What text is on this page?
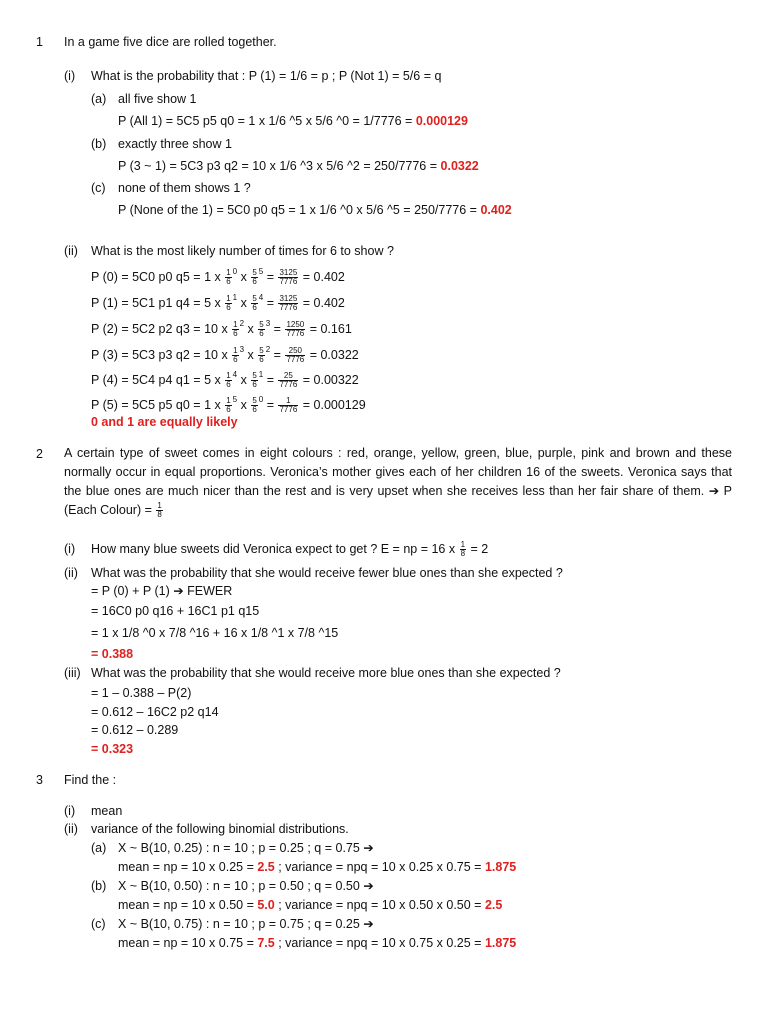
1 In a game five dice are rolled together.
(i) What is the probability that : P (1) = 1/6 = p ; P (Not 1) = 5/6 = q
(a) all five show 1
P (All 1) = 5C5 p5 q0 = 1 x 1/6 ^5 x 5/6 ^0 = 1/7776 = 0.000129
(b) exactly three show 1
P (3 ~ 1) = 5C3 p3 q2 = 10 x 1/6 ^3 x 5/6 ^2 = 250/7776 = 0.0322
(c) none of them shows 1 ?
P (None of the 1) = 5C0 p0 q5 = 1 x 1/6 ^0 x 5/6 ^5 = 250/7776 = 0.402
(ii) What is the most likely number of times for 6 to show ?
P (0) = 5C0 p0 q5 = 1 x $\frac{1}{6} ^0$ x $\frac{5}{6} ^5 = \frac{3125}{7776} = 0.402$
P (1) = 5C1 p1 q4 = 5 x $\frac{1}{6} ^1$ x $\frac{5}{6} ^4 = \frac{3125}{7776} = 0.402$
P (2) = 5C2 p2 q3 = 10 x $\frac{1}{6} ^2$ x $\frac{5}{6} ^3 = \frac{1250}{7776} = 0.161$
P (3) = 5C3 p3 q2 = 10 x $\frac{1}{6} ^3$ x $\frac{5}{6} ^2 = \frac{250}{7776} = 0.0322$
P (4) = 5C4 p4 q1 = 5 x $\frac{1}{6} ^4$ x $\frac{5}{6} ^1 = \frac{25}{7776} = 0.00322$
P (5) = 5C5 p5 q0 = 1 x $\frac{1}{6} ^5$ x $\frac{5}{6} ^0 = \frac{1}{7776} = 0.000129$
0 and 1 are equally likely
2 A certain type of sweet comes in eight colours : red, orange, yellow, green, blue, purple, pink and brown and these normally occur in equal proportions. Veronica’s mother gives each of her children 16 of the sweets. Veronica says that the blue ones are much nicer than the rest and is very upset when she receives less than her fair share of them. ➔ P (Each Colour) = $\frac{1}{8}$
(i) How many blue sweets did Veronica expect to get ? E = np = 16 x $\frac{1}{8} = 2$
(ii) What was the probability that she would receive fewer blue ones than she expected ?
= P (0) + P (1) ➔ FEWER
= 16C0 p0 q16 + 16C1 p1 q15
= 1 x 1/8 ^0 x 7/8 ^16 + 16 x 1/8 ^1 x 7/8 ^15
= 0.388
(iii) What was the probability that she would receive more blue ones than she expected ?
= 1 – 0.388 – P(2)
= 0.612 – 16C2 p2 q14
= 0.612 – 0.289
= 0.323
3 Find the :
(i) mean
(ii) variance of the following binomial distributions.
(a) X ~ B(10, 0.25) : n = 10 ; p = 0.25 ; q = 0.75 ➔
mean = np = 10 x 0.25 = 2.5 ; variance = npq = 10 x 0.25 x 0.75 = 1.875
(b) X ~ B(10, 0.50) : n = 10 ; p = 0.50 ; q = 0.50 ➔
mean = np = 10 x 0.50 = 5.0 ; variance = npq = 10 x 0.50 x 0.50 = 2.5
(c) X ~ B(10, 0.75) : n = 10 ; p = 0.75 ; q = 0.25 ➔
mean = np = 10 x 0.75 = 7.5 ; variance = npq = 10 x 0.75 x 0.25 = 1.875
